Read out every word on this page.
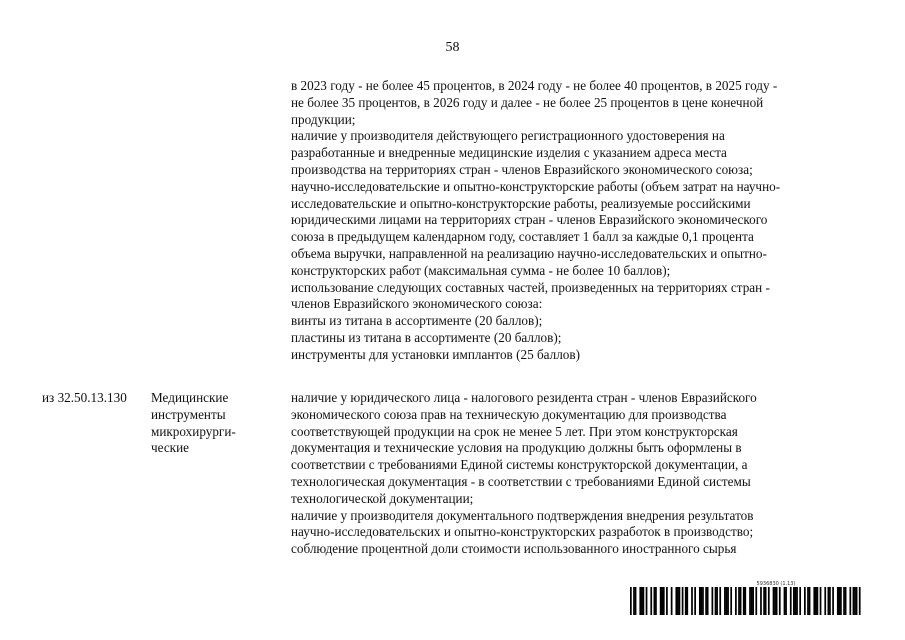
58

в 2023 году - не более 45 процентов, в 2024 году - не более 40 процентов, в 2025 году -

не более 35 процентов, в 2026 году и далее - не более 25 процентов в цене конечной

продукции;

наличие у производителя действующего регистрационного удостоверения на

разработанные и внедренные медицинские изделия с указанием адреса места

производства на территориях стран - членов Евразийского экономического союза;

научно-исследовательские и опытно-конструкторские работы (объем затрат на научно-

исследовательские и опытно-конструкторские работы, реализуемые российскими

юридическими лицами на территориях стран - членов Евразийского экономического

союза в предыдущем календарном году, составляет 1 балл за каждые 0,1 процента

объема выручки, направленной на реализацию научно-исследовательских и опытно-

конструкторских работ (максимальная сумма - не более 10 баллов);

использование следующих составных частей, произведенных на территориях стран -

членов Евразийского экономического союза:

винты из титана в ассортименте (20 баллов);

пластины из титана в ассортименте (20 баллов);

инструменты для установки имплантов (25 баллов)

из 32.50.13.130 Медицинские

инструменты

микрохирурги-

ческие

наличие у юридического лица - налогового резидента стран - членов Евразийского

экономического союза прав на техническую документацию для производства

соответствующей продукции на срок не менее 5 лет. При этом конструкторская

документация и технические условия на продукцию должны быть оформлены в

соответствии с требованиями Единой системы конструкторской документации, а

технологическая документация - в соответствии с требованиями Единой системы

технологической документации;

наличие у производителя документального подтверждения внедрения результатов

научно-исследовательских и опытно-конструкторских разработок в производство;

соблюдение процентной доли стоимости использованного иностранного сырья

5936830 (1.13)
